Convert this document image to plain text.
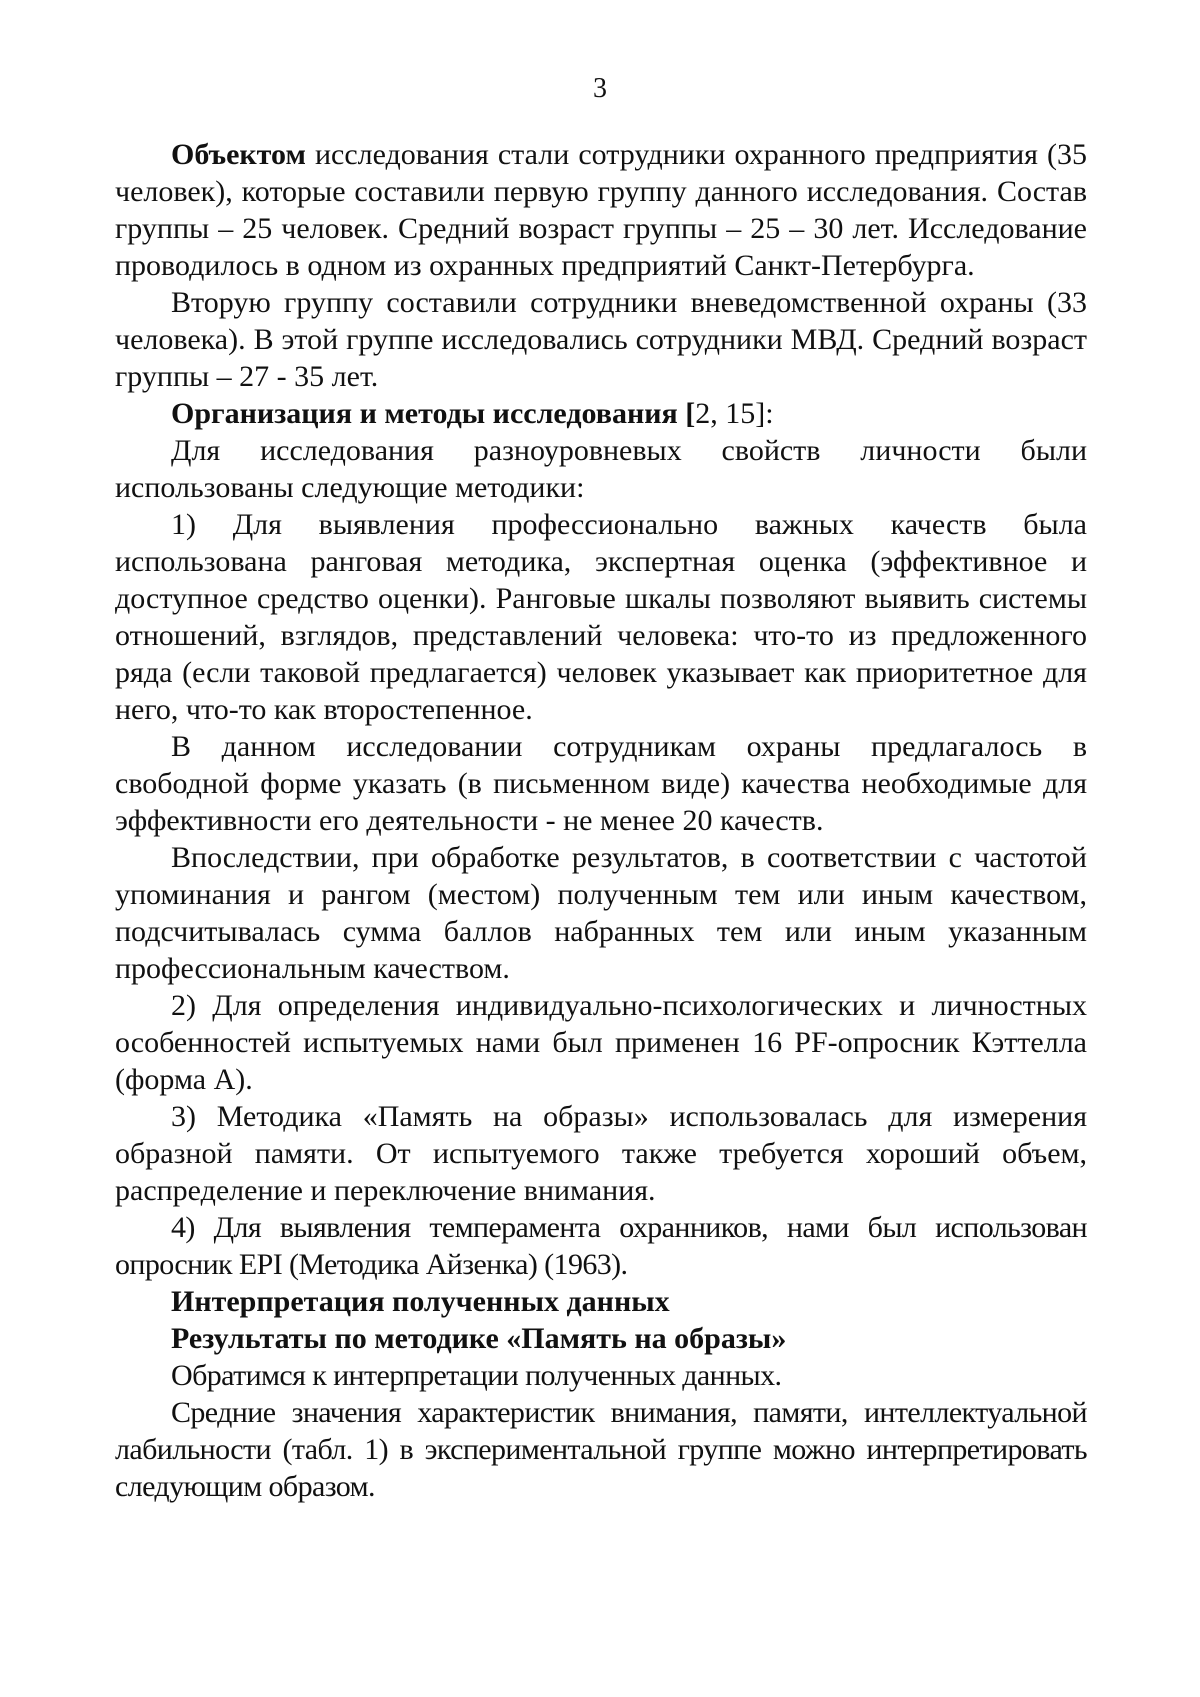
3

Объектом исследования стали сотрудники охранного предприятия (35 человек), которые составили первую группу данного исследования. Состав группы – 25 человек. Средний возраст группы – 25 – 30 лет. Исследование проводилось в одном из охранных предприятий Санкт-Петербурга.

Вторую группу составили сотрудники вневедомственной охраны (33 человека). В этой группе исследовались сотрудники МВД. Средний возраст группы – 27 - 35 лет.

Организация и методы исследования [2, 15]:

Для исследования разноуровневых свойств личности были использованы следующие методики:

1) Для выявления профессионально важных качеств была использована ранговая методика, экспертная оценка (эффективное и доступное средство оценки). Ранговые шкалы позволяют выявить системы отношений, взглядов, представлений человека: что-то из предложенного ряда (если таковой предлагается) человек указывает как приоритетное для него, что-то как второстепенное.

В данном исследовании сотрудникам охраны предлагалось в свободной форме указать (в письменном виде) качества необходимые для эффективности его деятельности - не менее 20 качеств.

Впоследствии, при обработке результатов, в соответствии с частотой упоминания и рангом (местом) полученным тем или иным качеством, подсчитывалась сумма баллов набранных тем или иным указанным профессиональным качеством.

2) Для определения индивидуально-психологических и личностных особенностей испытуемых нами был применен 16 PF-опросник Кэттелла (форма А).

3) Методика «Память на образы» использовалась для измерения образной памяти. От испытуемого также требуется хороший объем, распределение и переключение внимания.

4) Для выявления темперамента охранников, нами был использован опросник EPI (Методика Айзенка) (1963).

Интерпретация полученных данных

Результаты по методике «Память на образы»

Обратимся к интерпретации полученных данных.

Средние значения характеристик внимания, памяти, интеллектуальной лабильности (табл. 1) в экспериментальной группе можно интерпретировать следующим образом.
